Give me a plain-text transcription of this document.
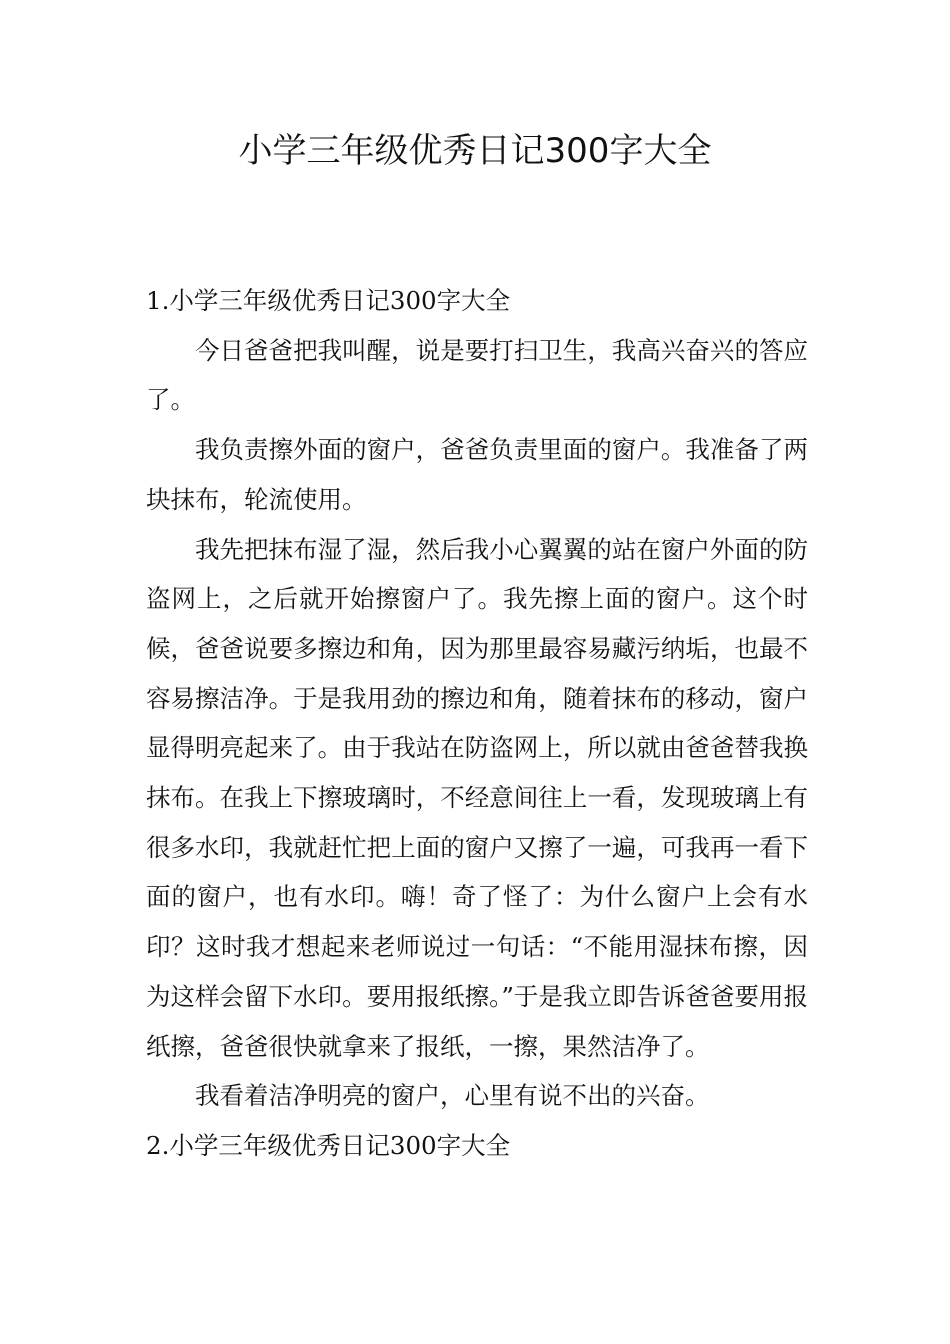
小学三年级优秀日记300字大全

1.小学三年级优秀日记300字大全

今日爸爸把我叫醒，说是要打扫卫生，我高兴奋兴的答应了。

我负责擦外面的窗户，爸爸负责里面的窗户。我准备了两块抹布，轮流使用。

我先把抹布湿了湿，然后我小心翼翼的站在窗户外面的防盗网上，之后就开始擦窗户了。我先擦上面的窗户。这个时候，爸爸说要多擦边和角，因为那里最容易藏污纳垢，也最不容易擦洁净。于是我用劲的擦边和角，随着抹布的移动，窗户显得明亮起来了。由于我站在防盗网上，所以就由爸爸替我换抹布。在我上下擦玻璃时，不经意间往上一看，发现玻璃上有很多水印，我就赶忙把上面的窗户又擦了一遍，可我再一看下面的窗户，也有水印。嗨！奇了怪了：为什么窗户上会有水印？这时我才想起来老师说过一句话：“不能用湿抹布擦，因为这样会留下水印。要用报纸擦。”于是我立即告诉爸爸要用报纸擦，爸爸很快就拿来了报纸，一擦，果然洁净了。

我看着洁净明亮的窗户，心里有说不出的兴奋。

2.小学三年级优秀日记300字大全
